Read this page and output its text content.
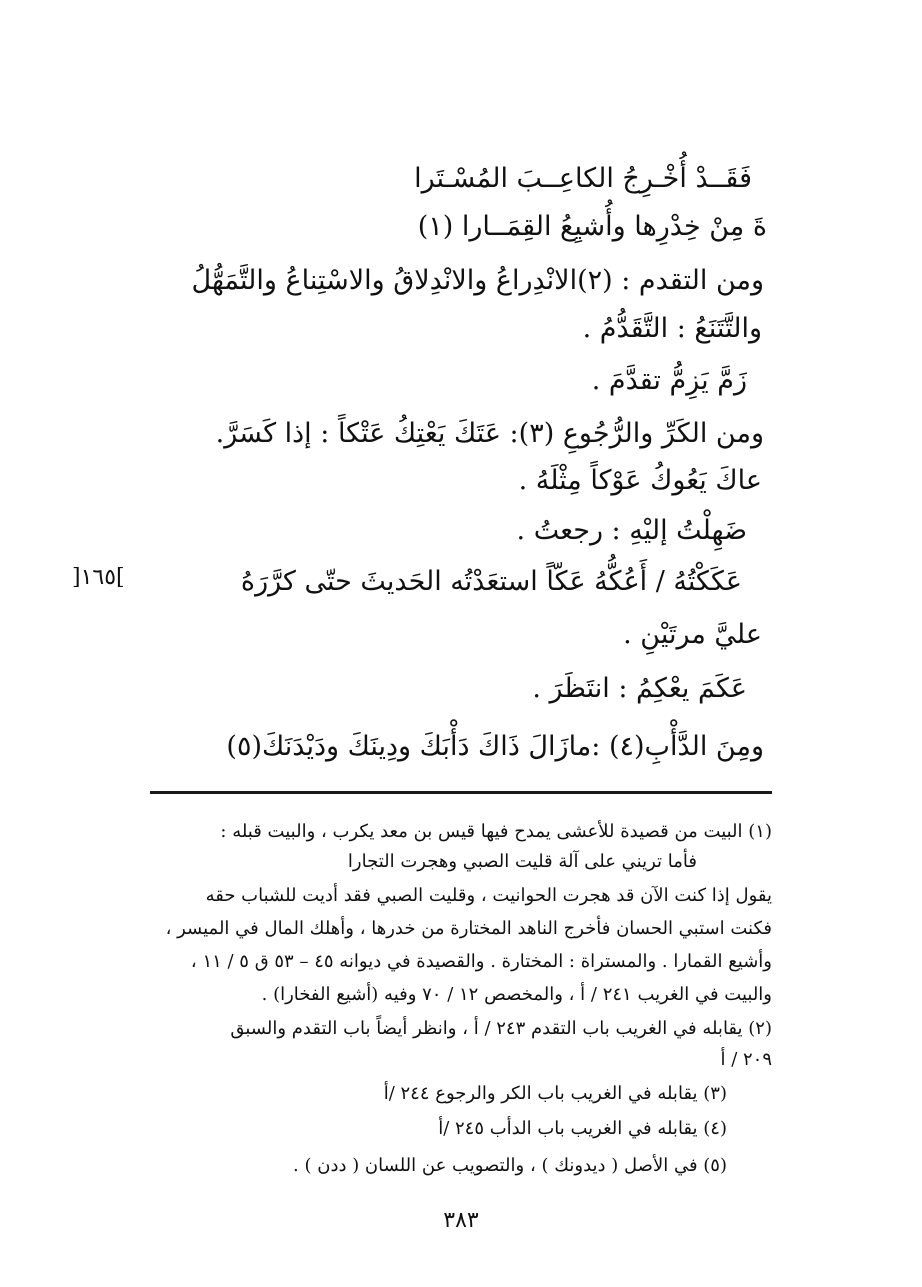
فَقَــدْ أُخْـرِجُ الكاعِــبَ المُسْـتَرا
ةَ مِنْ خِدْرِها وأُشيِعُ القِمَــارا (١)
ومن التقدم : (٢)الانْدِراعُ والانْدِلاقُ والاسْتِناعُ والتَّمَهُّلُ
والتَّتَنَعُ : التَّقَدُّمُ .
زَمَّ يَزِمُّ تقدَّمَ .
ومن الكَرِّ والرُّجُوعِ (٣): عَتَكَ يَعْتِكُ عَتْكاً : إذا كَسَرَّ.
عاكَ يَعُوكُ عَوْكاً مِثْلَهُ .
ضَهِلْتُ إليْهِ : رجعتُ .
عَكَكْتُهُ / أَعُكُّهُ عَكّاً استعَدْتُه الحَديثَ حتّى كرَّرَهُ
]١٦٥[
عليَّ مرتَيْنِ .
عَكَمَ يعْكِمُ : انتَظَرَ .
ومِنَ الدَّأْبِ(٤) :مازَالَ ذَاكَ دَأْبَكَ ودِينَكَ ودَيْدَنَكَ(٥)
(١) البيت من قصيدة للأعشى يمدح فيها قيس بن معد يكرب ، والبيت قبله :
فأما تريني على آلة قليت الصبي وهجرت التجارا
يقول إذا كنت الآن قد هجرت الحوانيت ، وقليت الصبي فقد أديت للشباب حقه
فكنت استبي الحسان فأخرج الناهد المختارة من خدرها ، وأهلك المال في الميسر ،
وأشيع القمارا . والمستراة : المختارة . والقصيدة في ديوانه ٤٥ – ٥٣ ق ٥ / ١١ ،
والبيت في الغريب ٢٤١ / أ ، والمخصص ١٢ / ٧٠ وفيه (أشيع الفخارا) .
(٢) يقابله في الغريب باب التقدم ٢٤٣ / أ ، وانظر أيضاً باب التقدم والسبق
٢٠٩ / أ
(٣) يقابله في الغريب باب الكر والرجوع ٢٤٤ /أ
(٤) يقابله في الغريب باب الدأب ٢٤٥ /أ
(٥) في الأصل ( ديدونك ) ، والتصويب عن اللسان ( ددن ) .
٣٨٣
